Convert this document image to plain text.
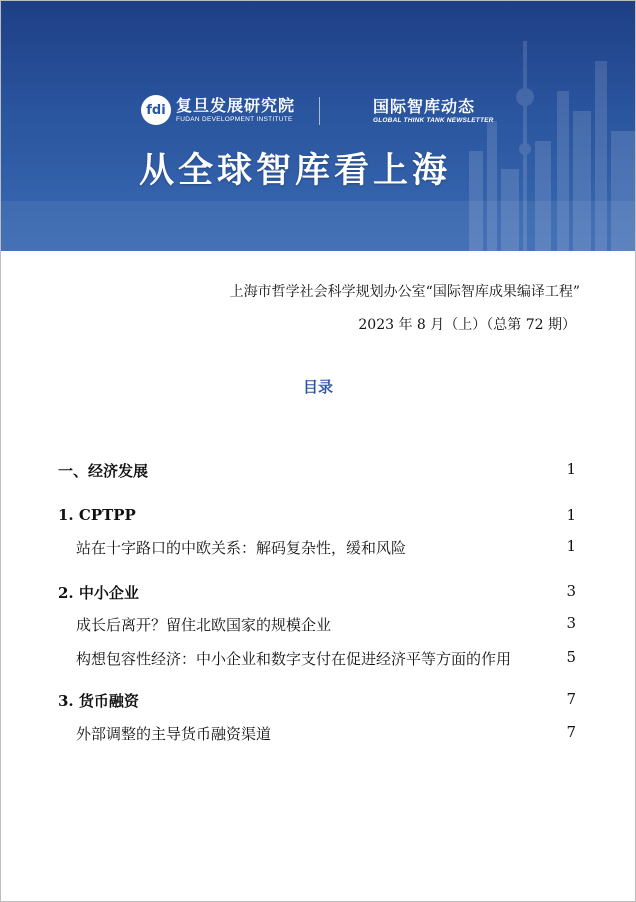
fdi 复旦发展研究院
FUDAN DEVELOPMENT INSTITUTE
国际智库动态
GLOBAL THINK TANK NEWSLETTER
从全球智库看上海
上海市哲学社会科学规划办公室“国际智库成果编译工程”
2023 年 8 月（上）（总第 72 期）
目录
一、经济发展	1
1. CPTPP	1
站在十字路口的中欧关系：解码复杂性，缓和风险	1
2. 中小企业	3
成长后离开？留住北欧国家的规模企业	3
构想包容性经济：中小企业和数字支付在促进经济平等方面的作用	5
3. 货币融资	7
外部调整的主导货币融资渠道	7
